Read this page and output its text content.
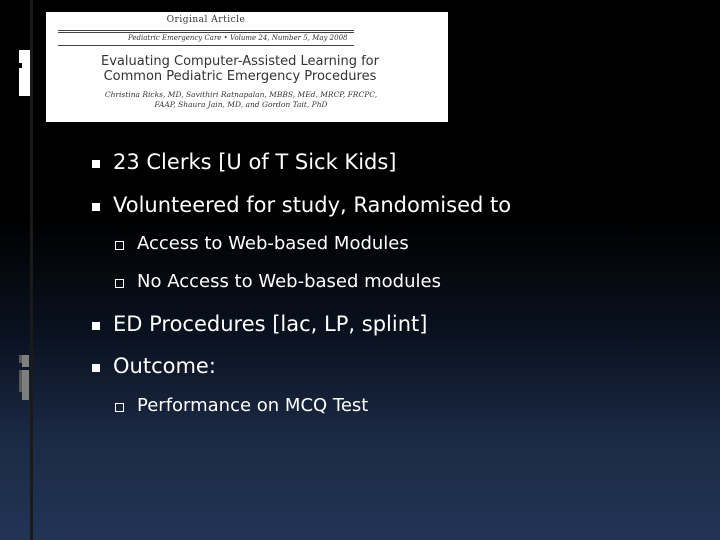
Original Article
Pediatric Emergency Care • Volume 24, Number 5, May 2008
Evaluating Computer-Assisted Learning for Common Pediatric Emergency Procedures
Christina Ricks, MD, Savithiri Ratnapalan, MBBS, MEd, MRCP, FRCPC, FAAP, Shaura Jain, MD, and Gordon Tait, PhD
23 Clerks [U of T Sick Kids]
Volunteered for study, Randomised to
Access to Web-based Modules
No Access to Web-based modules
ED Procedures [lac, LP, splint]
Outcome:
Performance on MCQ Test
